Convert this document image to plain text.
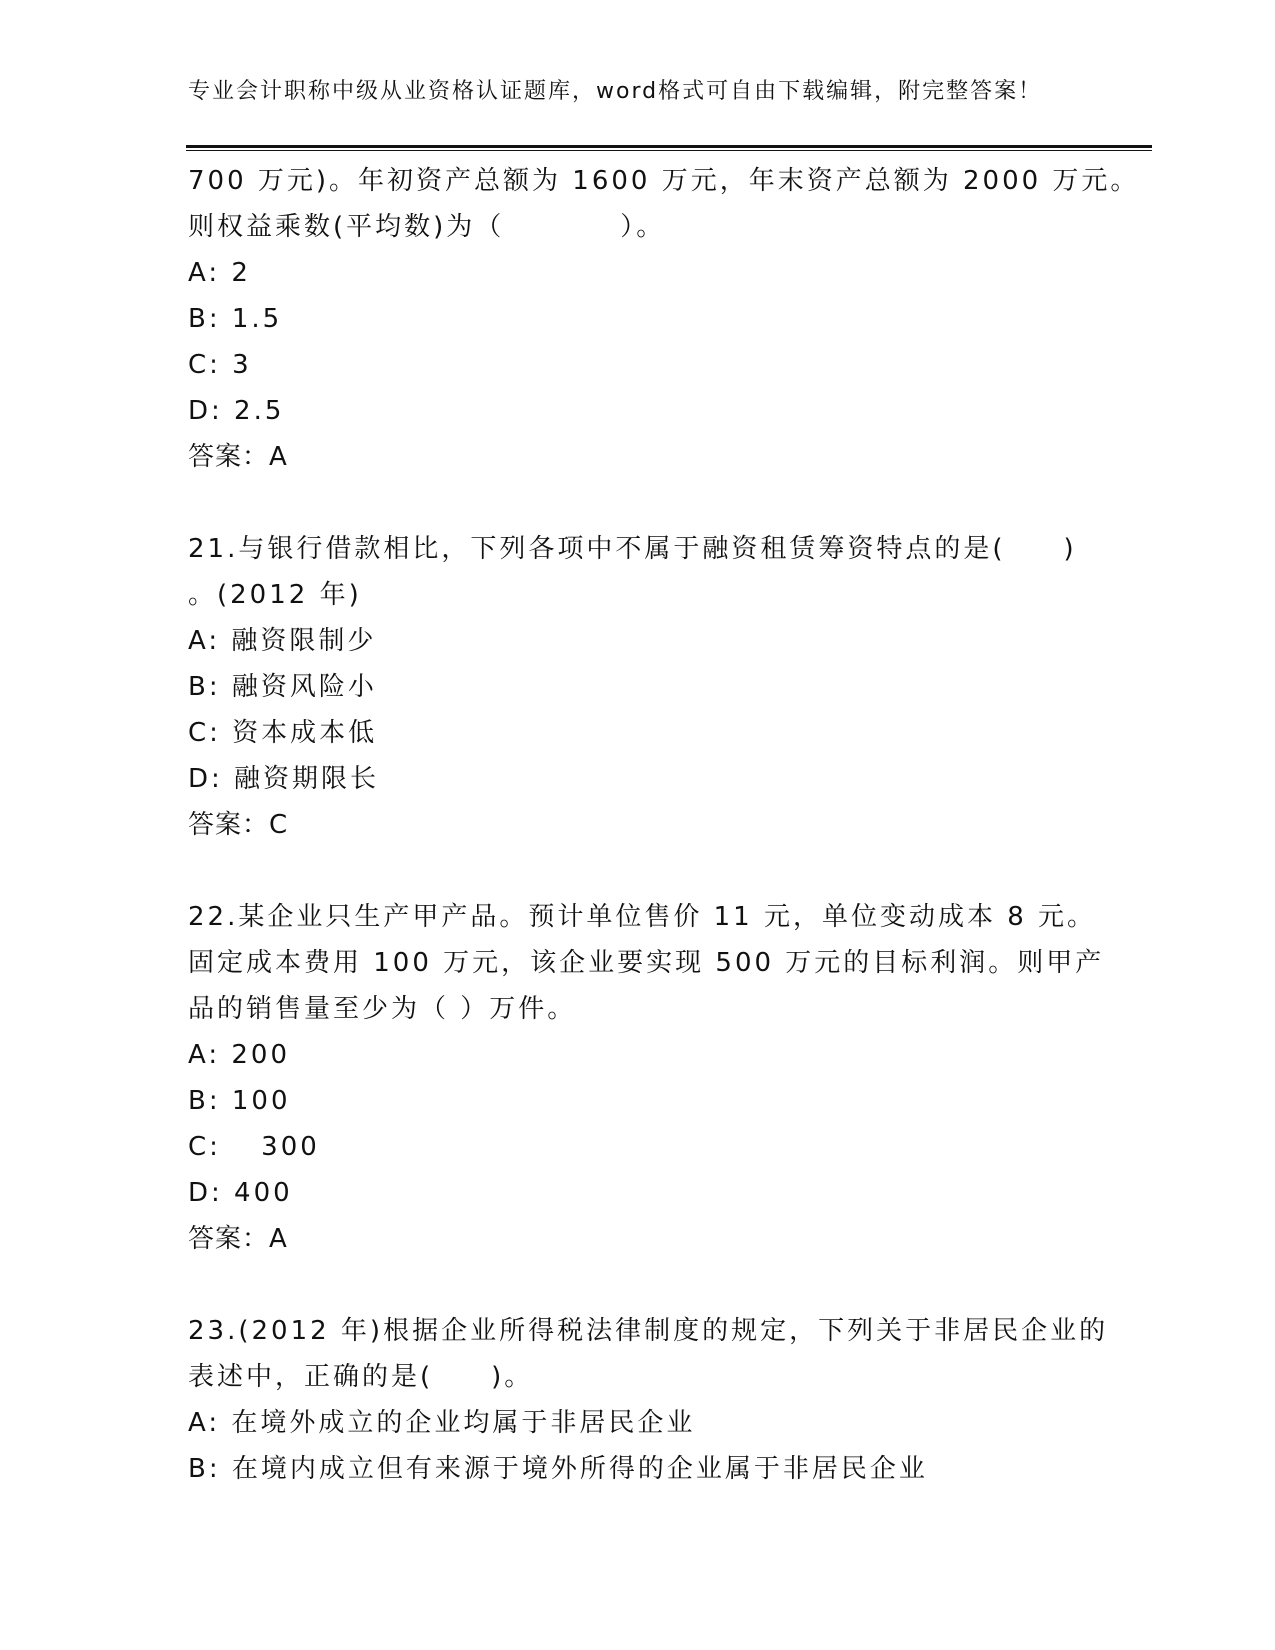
专业会计职称中级从业资格认证题库，word格式可自由下载编辑，附完整答案！
700 万元)。年初资产总额为 1600 万元，年末资产总额为 2000 万元。
则权益乘数(平均数)为（　　　　）。
A: 2
B: 1.5
C: 3
D: 2.5
答案：A
21.与银行借款相比，下列各项中不属于融资租赁筹资特点的是(　　)
。(2012 年)
A: 融资限制少
B: 融资风险小
C: 资本成本低
D: 融资期限长
答案：C
22.某企业只生产甲产品。预计单位售价 11 元，单位变动成本 8 元。
固定成本费用 100 万元，该企业要实现 500 万元的目标利润。则甲产
品的销售量至少为（ ）万件。
A: 200
B: 100
C:　 300
D: 400
答案：A
23.(2012 年)根据企业所得税法律制度的规定，下列关于非居民企业的
表述中，正确的是(　　)。
A: 在境外成立的企业均属于非居民企业
B: 在境内成立但有来源于境外所得的企业属于非居民企业
